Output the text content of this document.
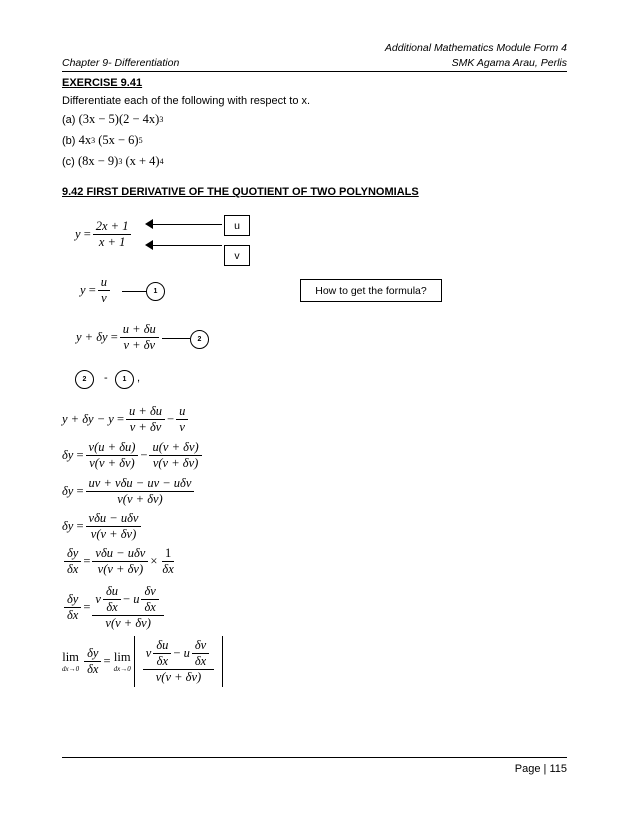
Additional Mathematics Module Form 4
Chapter 9- Differentiation	SMK Agama Arau, Perlis
EXERCISE 9.41
Differentiate each of the following with respect to x.
(a)
(3x − 5)(2 − 4x) 3
(b)
4x 3
(5x − 6) 5
(c)
(8x − 9) 3
(x + 4) 4
9.42 FIRST DERIVATIVE OF THE QUOTIENT OF TWO POLYNOMIALS
y
= $\frac{2x + 1}{x + 1}$	u
v
y
= $\frac{u}{v}$	1	How to get the formula?
y + δy
= $\frac{u + \delta u}{v + \delta v}$	2
2	-	1 ,
y + δy − y
= $\frac{u + \delta u}{v + \delta v} - \frac{u}{v}$
δy
= $\frac{v(u + \delta u)}{v(v + \delta v)} - \frac{u(v + \delta v)}{v(v + \delta v)}$
δy
= $\frac{\text{uv + vδu − uv − uδv}}{v(v + \delta v)}$
δy
= $\frac{\text{vδu − uδv}}{v(v + \delta v)}$
$\frac{\delta y}{\delta x} = \frac{\text{vδu − uδv}}{v(v + \delta v)} \times \frac{1}{\delta x}$
$\frac{\delta y}{\delta x}$ =
v $\frac{\delta u}{\delta x}$ −
u $\frac{\delta v}{\delta x}$
v(v + δv)
lim
$dx\to 0 \frac{\delta y}{\delta x}$ =
lim
dx→0
v $\frac{\delta u}{\delta x}$ −
u $\frac{\delta v}{\delta x}$
v(v + δv)
Page | 115
